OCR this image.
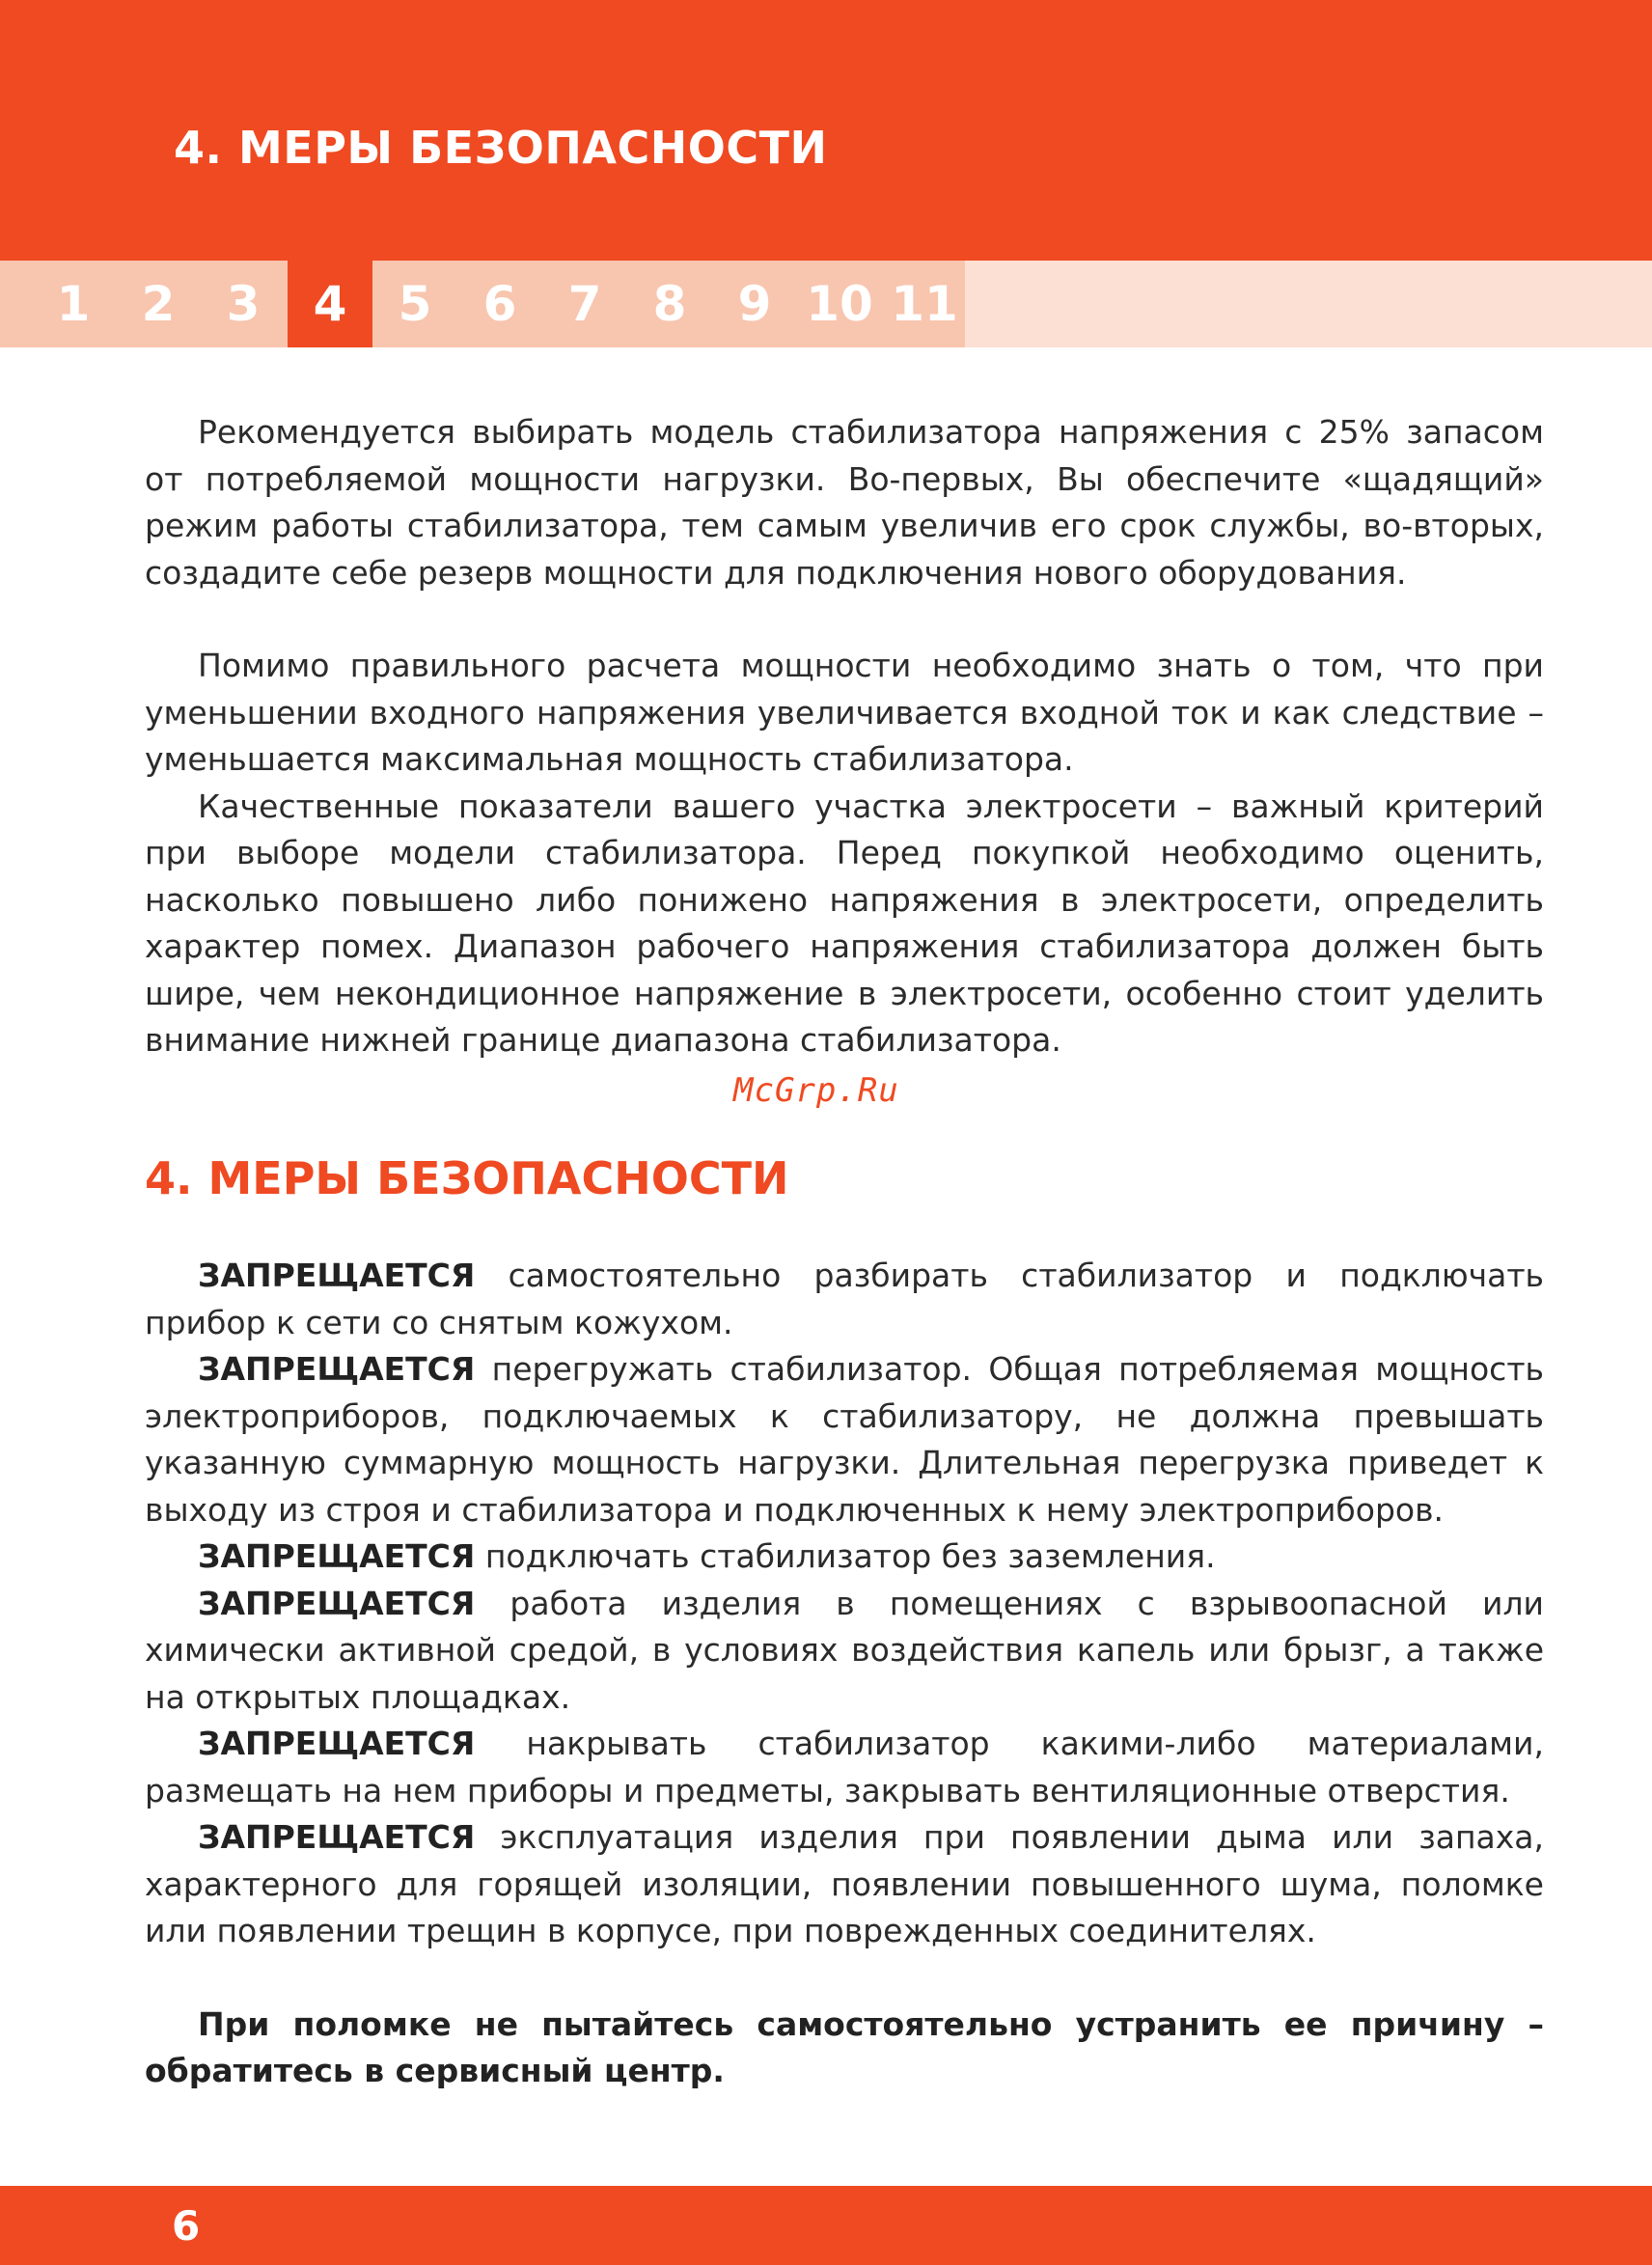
4. МЕРЫ БЕЗОПАСНОСТИ
1 2 3	4	5 6 7 8 9 10 11

Рекомендуется выбирать модель стабилизатора напряжения с 25% запасом от потребляемой мощности нагрузки. Во-первых, Вы обеспечите «щадящий» режим работы стабилизатора, тем самым увеличив его срок службы, во-вторых, создадите себе резерв мощности для подключения нового оборудования.

Помимо правильного расчета мощности необходимо знать о том, что при уменьшении входного напряжения увеличивается входной ток и как следствие – уменьшается максимальная мощность стабилизатора.

Качественные показатели вашего участка электросети – важный критерий при выборе модели стабилизатора. Перед покупкой необходимо оценить, насколько повышено либо понижено напряжения в электросети, определить характер помех. Диапазон рабочего напряжения стабилизатора должен быть шире, чем некондиционное напряжение в электросети, особенно стоит уделить внимание нижней границе диапазона стабилизатора.

McGrp.Ru
4. МЕРЫ БЕЗОПАСНОСТИ

ЗАПРЕЩАЕТСЯ самостоятельно разбирать стабилизатор и подключать прибор к сети со снятым кожухом.

ЗАПРЕЩАЕТСЯ перегружать стабилизатор. Общая потребляемая мощность электроприборов, подключаемых к стабилизатору, не должна превышать указанную суммарную мощность нагрузки. Длительная перегрузка приведет к выходу из строя и стабилизатора и подключенных к нему электроприборов.

ЗАПРЕЩАЕТСЯ подключать стабилизатор без заземления.

ЗАПРЕЩАЕТСЯ работа изделия в помещениях с взрывоопасной или химически активной средой, в условиях воздействия капель или брызг, а также на открытых площадках.

ЗАПРЕЩАЕТСЯ накрывать стабилизатор какими-либо материалами, размещать на нем приборы и предметы, закрывать вентиляционные отверстия.

ЗАПРЕЩАЕТСЯ эксплуатация изделия при появлении дыма или запаха, характерного для горящей изоляции, появлении повышенного шума, поломке или появлении трещин в корпусе, при поврежденных соединителях.

При поломке не пытайтесь самостоятельно устранить ее причину – обратитесь в сервисный центр.

6
